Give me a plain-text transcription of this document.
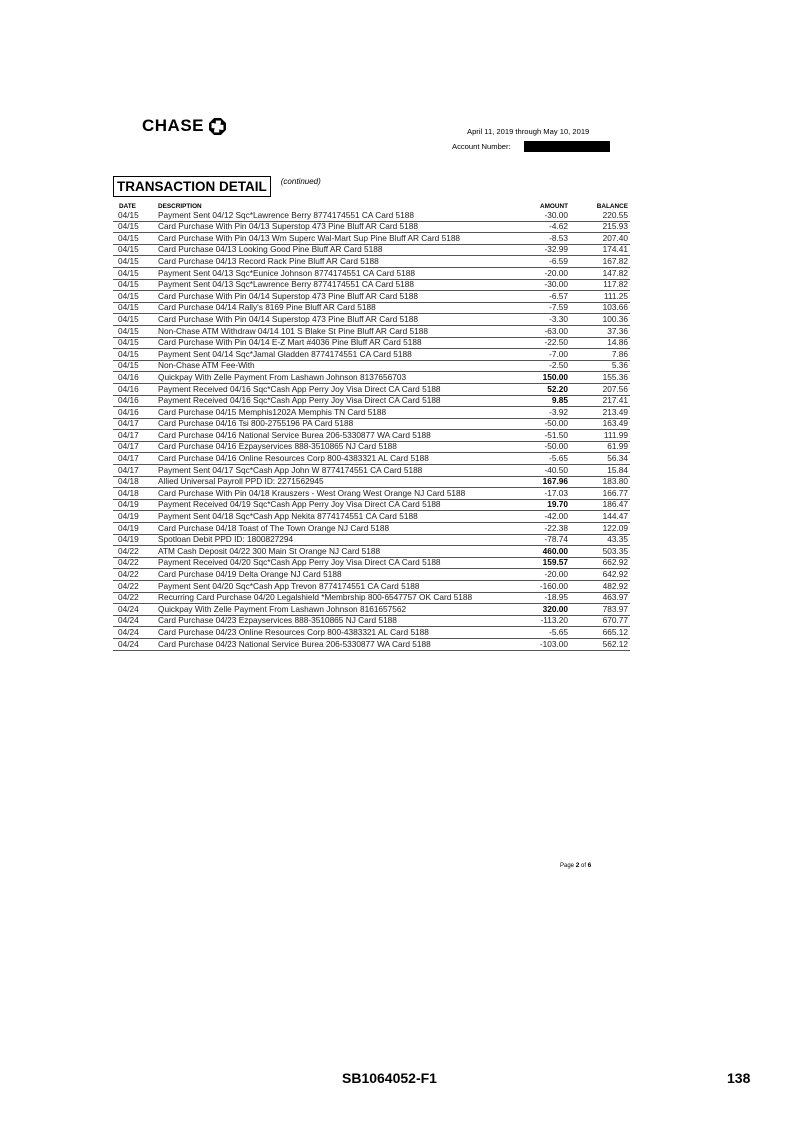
CHASE	April 11, 2019 through May 10, 2019
Account Number:
TRANSACTION DETAIL	(continued)
DATE	DESCRIPTION	AMOUNT	BALANCE
04/15	Payment Sent 04/12 Sqc*Lawrence Berry 8774174551 CA Card 5188	-30.00	220.55
04/15	Card Purchase With Pin 04/13 Superstop 473 Pine Bluff AR Card 5188	-4.62	215.93
04/15	Card Purchase With Pin 04/13 Wm Superc Wal-Mart Sup Pine Bluff AR Card 5188	-8.53	207.40
04/15	Card Purchase 04/13 Looking Good Pine Bluff AR Card 5188	-32.99	174.41
04/15	Card Purchase 04/13 Record Rack Pine Bluff AR Card 5188	-6.59	167.82
04/15	Payment Sent 04/13 Sqc*Eunice Johnson 8774174551 CA Card 5188	-20.00	147.82
04/15	Payment Sent 04/13 Sqc*Lawrence Berry 8774174551 CA Card 5188	-30.00	117.82
04/15	Card Purchase With Pin 04/14 Superstop 473 Pine Bluff AR Card 5188	-6.57	111.25
04/15	Card Purchase 04/14 Rally's 8169 Pine Bluff AR Card 5188	-7.59	103.66
04/15	Card Purchase With Pin 04/14 Superstop 473 Pine Bluff AR Card 5188	-3.30	100.36
04/15	Non-Chase ATM Withdraw 04/14 101 S Blake St Pine Bluff AR Card 5188	-63.00	37.36
04/15	Card Purchase With Pin 04/14 E-Z Mart #4036 Pine Bluff AR Card 5188	-22.50	14.86
04/15	Payment Sent 04/14 Sqc*Jamal Gladden 8774174551 CA Card 5188	-7.00	7.86
04/15	Non-Chase ATM Fee-With	-2.50	5.36
04/16	Quickpay With Zelle Payment From Lashawn Johnson 8137656703	150.00	155.36
04/16	Payment Received 04/16 Sqc*Cash App Perry Joy Visa Direct CA Card 5188	52.20	207.56
04/16	Payment Received 04/16 Sqc*Cash App Perry Joy Visa Direct CA Card 5188	9.85	217.41
04/16	Card Purchase 04/15 Memphis1202A Memphis TN Card 5188	-3.92	213.49
04/17	Card Purchase 04/16 Tsi 800-2755196 PA Card 5188	-50.00	163.49
04/17	Card Purchase 04/16 National Service Burea 206-5330877 WA Card 5188	-51.50	111.99
04/17	Card Purchase 04/16 Ezpayservices 888-3510865 NJ Card 5188	-50.00	61.99
04/17	Card Purchase 04/16 Online Resources Corp 800-4383321 AL Card 5188	-5.65	56.34
04/17	Payment Sent 04/17 Sqc*Cash App John W 8774174551 CA Card 5188	-40.50	15.84
04/18	Allied Universal Payroll PPD ID: 2271562945	167.96	183.80
04/18	Card Purchase With Pin 04/18 Krauszers - West Orang West Orange NJ Card 5188	-17.03	166.77
04/19	Payment Received 04/19 Sqc*Cash App Perry Joy Visa Direct CA Card 5188	19.70	186.47
04/19	Payment Sent 04/18 Sqc*Cash App Nekita 8774174551 CA Card 5188	-42.00	144.47
04/19	Card Purchase 04/18 Toast of The Town Orange NJ Card 5188	-22.38	122.09
04/19	Spotloan Debit PPD ID: 1800827294	-78.74	43.35
04/22	ATM Cash Deposit 04/22 300 Main St Orange NJ Card 5188	460.00	503.35
04/22	Payment Received 04/20 Sqc*Cash App Perry Joy Visa Direct CA Card 5188	159.57	662.92
04/22	Card Purchase 04/19 Delta Orange NJ Card 5188	-20.00	642.92
04/22	Payment Sent 04/20 Sqc*Cash App Trevon 8774174551 CA Card 5188	-160.00	482.92
04/22	Recurring Card Purchase 04/20 Legalshield *Membrship 800-6547757 OK Card 5188	-18.95	463.97
04/24	Quickpay With Zelle Payment From Lashawn Johnson 8161657562	320.00	783.97
04/24	Card Purchase 04/23 Ezpayservices 888-3510865 NJ Card 5188	-113.20	670.77
04/24	Card Purchase 04/23 Online Resources Corp 800-4383321 AL Card 5188	-5.65	665.12
04/24	Card Purchase 04/23 National Service Burea 206-5330877 WA Card 5188	-103.00	562.12
Page 2 of 6
SB1064052-F1	138
